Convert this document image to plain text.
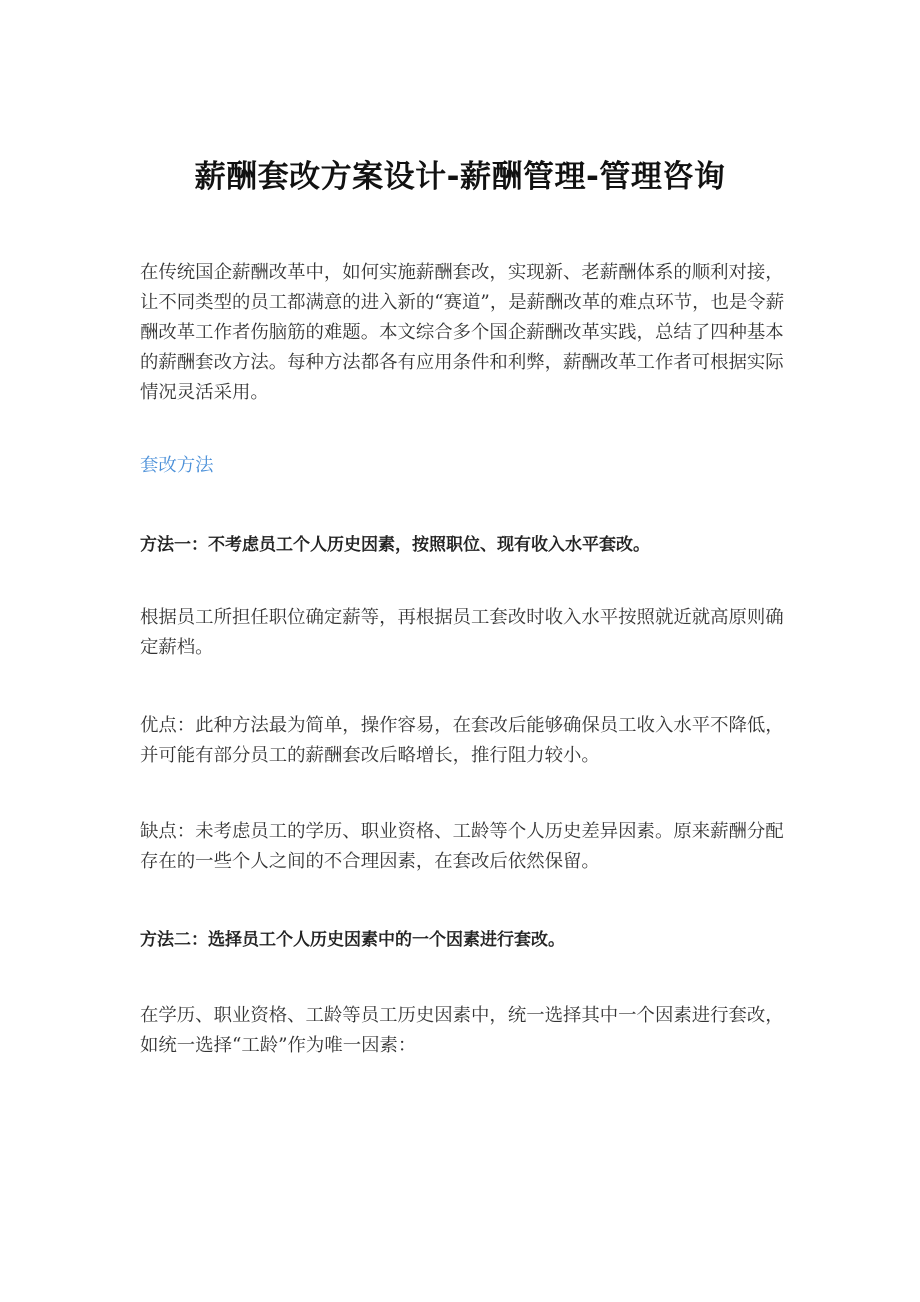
薪酬套改方案设计-薪酬管理-管理咨询

在传统国企薪酬改革中，如何实施薪酬套改，实现新、老薪酬体系的顺利对接，让不同类型的员工都满意的进入新的“赛道”，是薪酬改革的难点环节，也是令薪酬改革工作者伤脑筋的难题。本文综合多个国企薪酬改革实践，总结了四种基本的薪酬套改方法。每种方法都各有应用条件和利弊，薪酬改革工作者可根据实际情况灵活采用。

套改方法

方法一：不考虑员工个人历史因素，按照职位、现有收入水平套改。

根据员工所担任职位确定薪等，再根据员工套改时收入水平按照就近就高原则确定薪档。

优点：此种方法最为简单，操作容易，在套改后能够确保员工收入水平不降低，并可能有部分员工的薪酬套改后略增长，推行阻力较小。

缺点：未考虑员工的学历、职业资格、工龄等个人历史差异因素。原来薪酬分配存在的一些个人之间的不合理因素，在套改后依然保留。

方法二：选择员工个人历史因素中的一个因素进行套改。

在学历、职业资格、工龄等员工历史因素中，统一选择其中一个因素进行套改，如统一选择“工龄”作为唯一因素：
